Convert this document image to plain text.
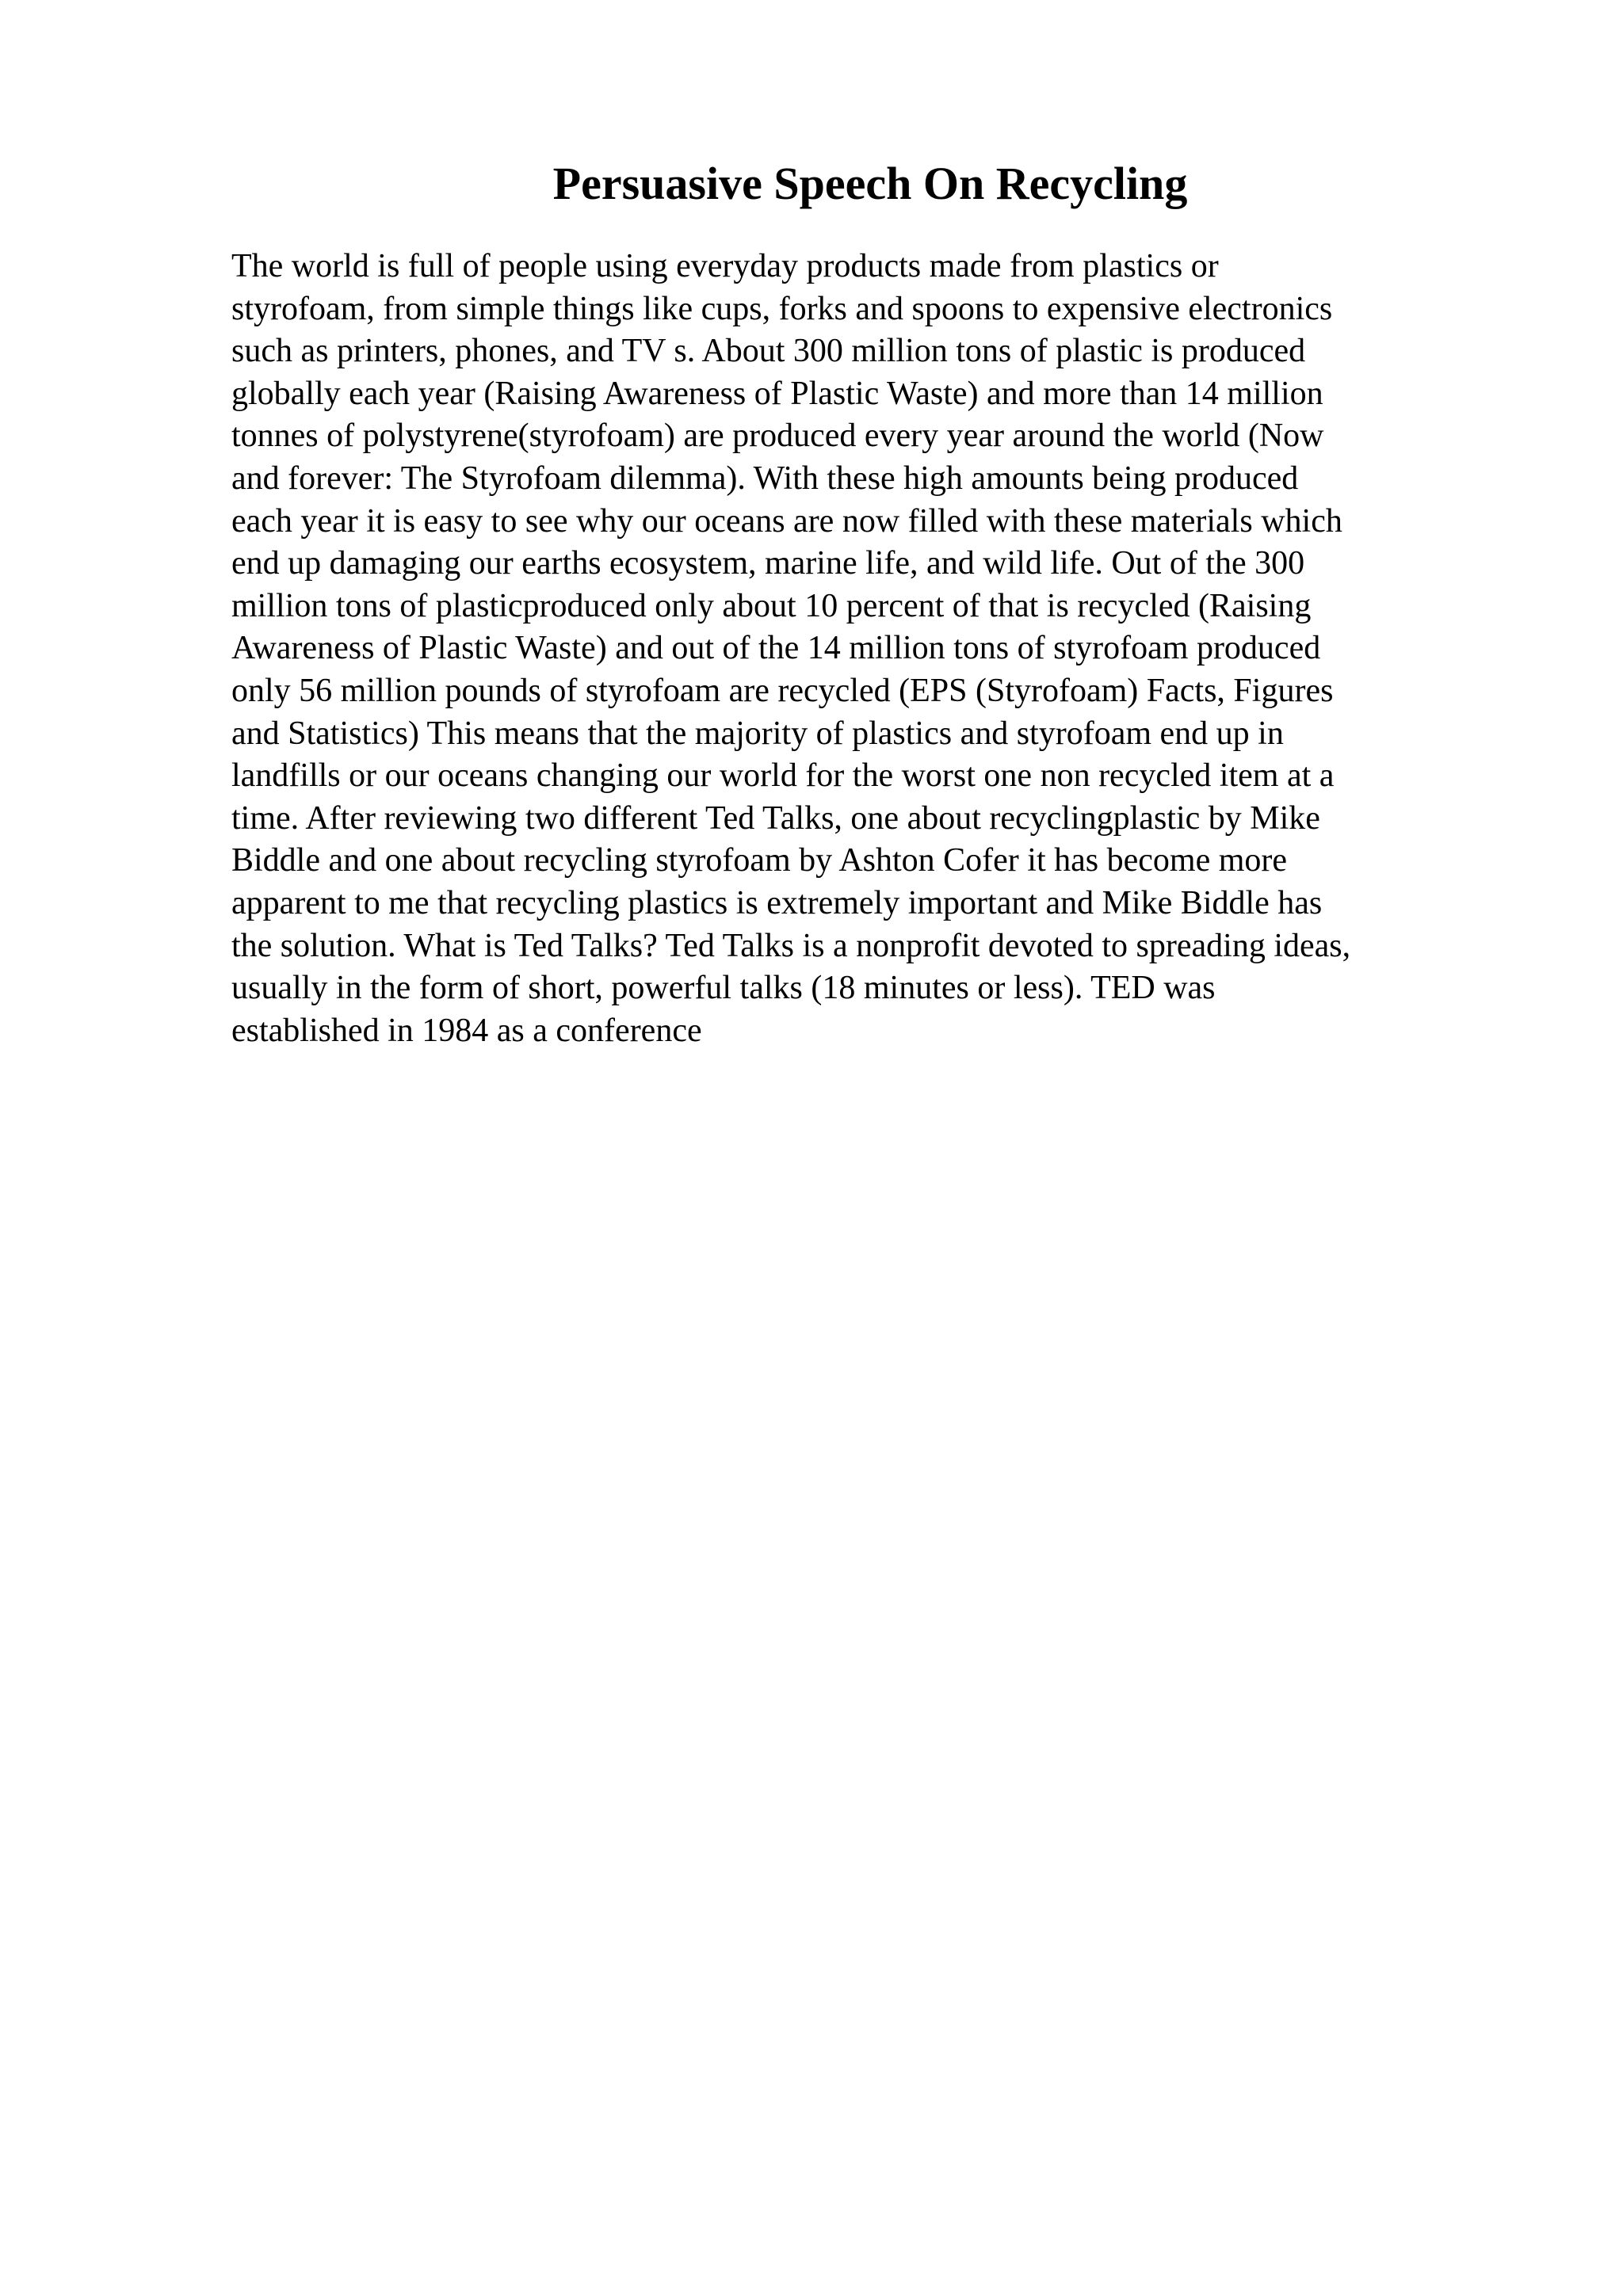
Persuasive Speech On Recycling
The world is full of people using everyday products made from plastics or
styrofoam, from simple things like cups, forks and spoons to expensive electronics
such as printers, phones, and TV s. About 300 million tons of plastic is produced
globally each year (Raising Awareness of Plastic Waste) and more than 14 million
tonnes of polystyrene(styrofoam) are produced every year around the world (Now
and forever: The Styrofoam dilemma). With these high amounts being produced
each year it is easy to see why our oceans are now filled with these materials which
end up damaging our earths ecosystem, marine life, and wild life. Out of the 300
million tons of plasticproduced only about 10 percent of that is recycled (Raising
Awareness of Plastic Waste) and out of the 14 million tons of styrofoam produced
only 56 million pounds of styrofoam are recycled (EPS (Styrofoam) Facts, Figures
and Statistics) This means that the majority of plastics and styrofoam end up in
landfills or our oceans changing our world for the worst one non recycled item at a
time. After reviewing two different Ted Talks, one about recyclingplastic by Mike
Biddle and one about recycling styrofoam by Ashton Cofer it has become more
apparent to me that recycling plastics is extremely important and Mike Biddle has
the solution. What is Ted Talks? Ted Talks is a nonprofit devoted to spreading ideas,
usually in the form of short, powerful talks (18 minutes or less). TED was
established in 1984 as a conference
